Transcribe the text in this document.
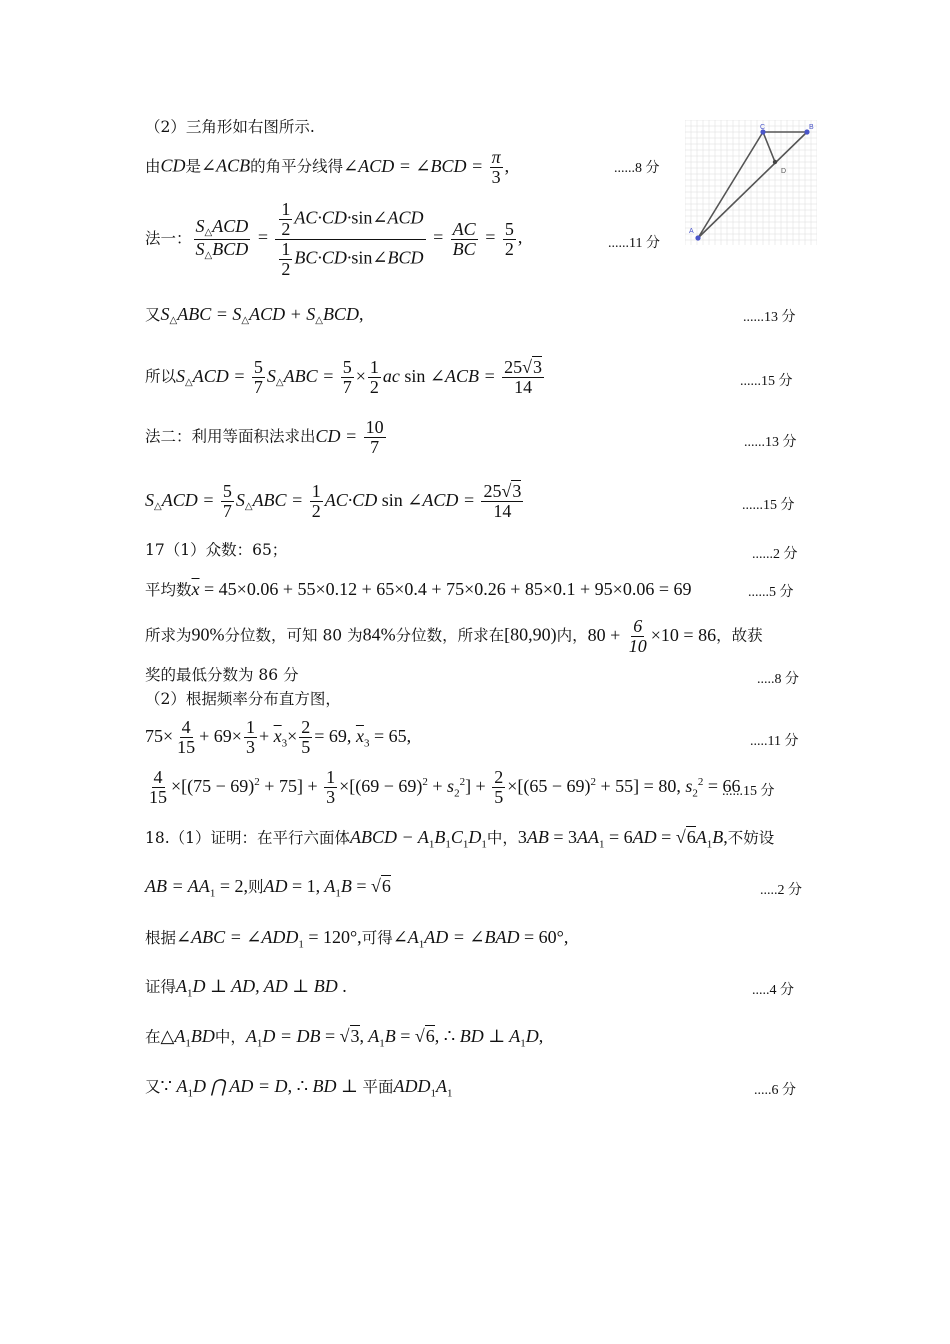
A
B
C
D
（2）三角形如右图所示.
由CD是∠ACB的角平分线得∠ACD = ∠BCD = $\frac{\pi}{3}$ ,	......8 分
法一： $\frac{\text{S△ACD}}{\text{S△BCD}} = \frac{\frac{1}{2} AC\cdot CD\cdot\sin\angle ACD}{\frac{1}{2} BC\cdot CD\cdot\sin\angle BCD} = \frac{AC}{BC} = \frac{5}{2}$ ,	......11 分
又S△ABC = S△ACD + S△BCD,	......13 分
所以S△ACD = $\frac{5}{7}$ S△ABC = $\frac{5}{7} \times \frac{1}{2}$ ac sin ∠ACB = $\frac{25√3}{14}$	......15 分
法二：利用等面积法求出CD = $\frac{10}{7}$	......13 分
S△ACD = $\frac{5}{7}$ S△ABC = $\frac{1}{2} AC\cdot CD$ sin ∠ACD = $\frac{25√3}{14}$	......15 分
17（1）众数：65；	......2 分
平均数$\overline{x} = 45\times 0.06 + 55\times 0.12 + 65\times 0.4 + 75\times 0.26 + 85\times 0.1 + 95\times 0.06 = 69$	......5 分
所求为90%分位数，可知 80 为84%分位数，所求在[80,90)内，$80 + \frac{6}{10} \times 10 = 86$，故获
奖的最低分数为 86 分	.....8 分
（2）根据频率分布直方图，
$75\times \frac{4}{15} + 69\times \frac{1}{3} + \overline{x}_3\times \frac{2}{5} = 69$, $\overline{x}_3 = 65$,	.....11 分
$\frac{4}{15} \times[(75 - 69)^2 + 75] + \frac{1}{3} \times[(69 - 69)^2 + s_2^2] + \frac{2}{5} \times[(65 - 69)^2 + 55] = 80$, $s_2^2 = 66$
......15 分
18.（1）证明：在平行六面体ABCD − $A_1B_1C_1D_1$中，$3AB = 3AA_1 = 6AD = √6A_1B$,不妨设
AB = $AA_1 = 2$,则AD = 1, $A_1B = √6$	.....2 分
根据∠ABC = $\angle ADD_1 = 120^\circ$,可得$\angle A_1AD$ = ∠BAD = 60°,
证得$A_1D$ ⊥ AD, AD ⊥ BD .	.....4 分
在$\triangle A_1BD$中，$A_1D$ = DB = √3, $A_1B = √6$, ∴ BD ⊥ $A_1D$,
又∵ $A_1D$ ⋂ AD = D, ∴ BD ⊥ 平面$ADD_1A_1$	.....6 分
